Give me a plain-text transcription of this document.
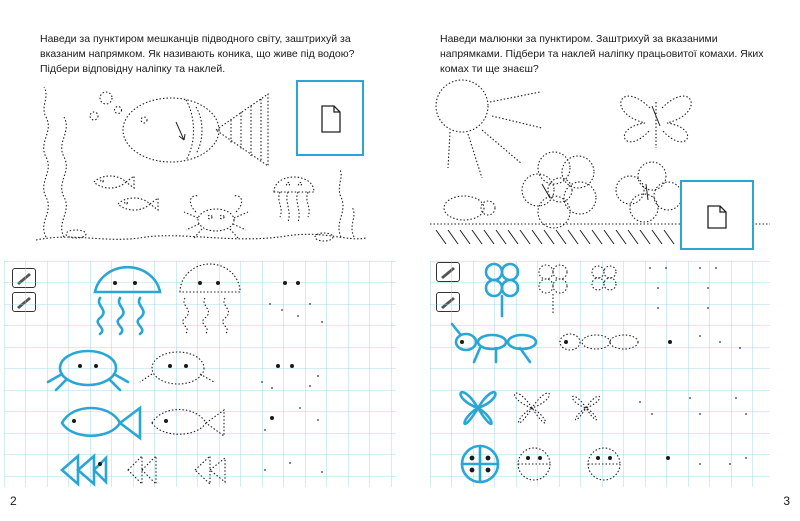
Наведи за пунктиром мешканців підводного світу, заштрихуй за вказаним напрямком. Як називають коника, що живе під водою? Підбери відповідну наліпку та наклей.
2
Наведи малюнки за пунктиром. Заштрихуй за вказаними напрямками. Підбери та наклей наліпку працьовитої комахи. Яких комах ти ще знаєш?
3
